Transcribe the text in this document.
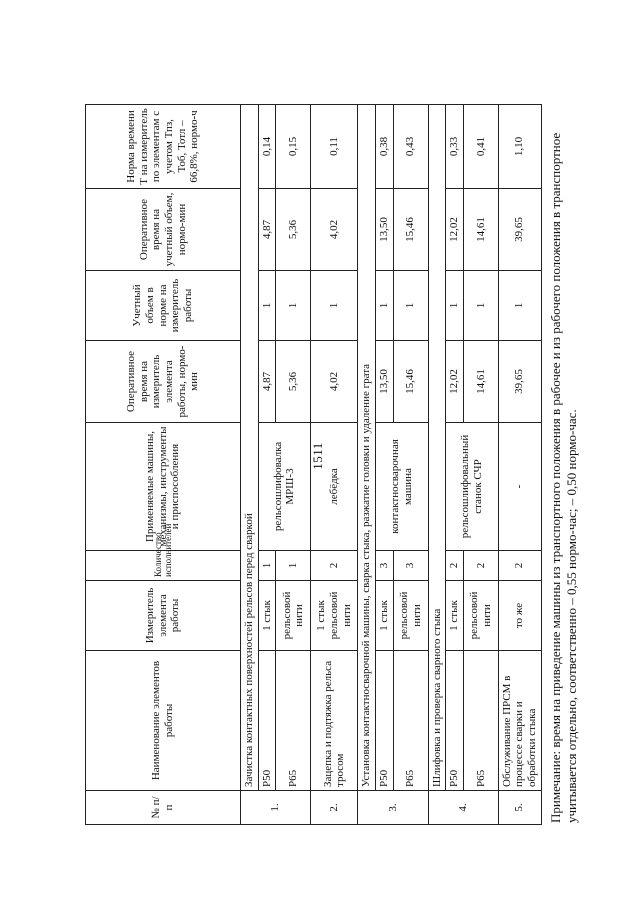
1511
№ п/п	Наименование элементов работы	Измеритель элемента работы	Количество исполнителей	Применяемые машины, механизмы, инструменты и приспособления	Оперативное время на измеритель элемента работы, нормо-мин	Учетный объем в норме на измеритель работы	Оперативное время на учетный объем, нормо-мин	Норма времени Т на измеритель по элементам с учетом Тпз, Тоб, Тотл – 66,8%, нормо-ч
1.	Зачистка контактных поверхностей рельсов перед сваркой							
	Р50	1 стык	1	рельсошлифовалка МРШ-3	4,87	1	4,87	0,14
	Р65	рельсовой нити	1		5,36	1	5,36	0,15
2.	Зацепка и подтяжка рельса тросом	1 стык рельсовой нити	2	лебёдка	4,02	1	4,02	0,11
3.	Установка контактносварочной машины, сварка стыка, разжатие головки и удаление грата							
	Р50	1 стык	3	контактносварочная машина	13,50	1	13,50	0,38
	Р65	рельсовой нити	3		15,46	1	15,46	0,43
4.	Шлифовка и проверка сварного стыка							
	Р50	1 стык	2	рельсошлифовальный станок СЧР	12,02	1	12,02	0,33
	Р65	рельсовой нити	2		14,61	1	14,61	0,41
5.	Обслуживание ПРСМ в процессе сварки и обработки стыка	то же	2	-	39,65	1	39,65	1,10 Примечание: время на приведение машины из транспортного положения в рабочее и из рабочего положения в транспортное учитывается отдельно, соответственно – 0,55 нормо-час; – 0,50 нормо-час.
